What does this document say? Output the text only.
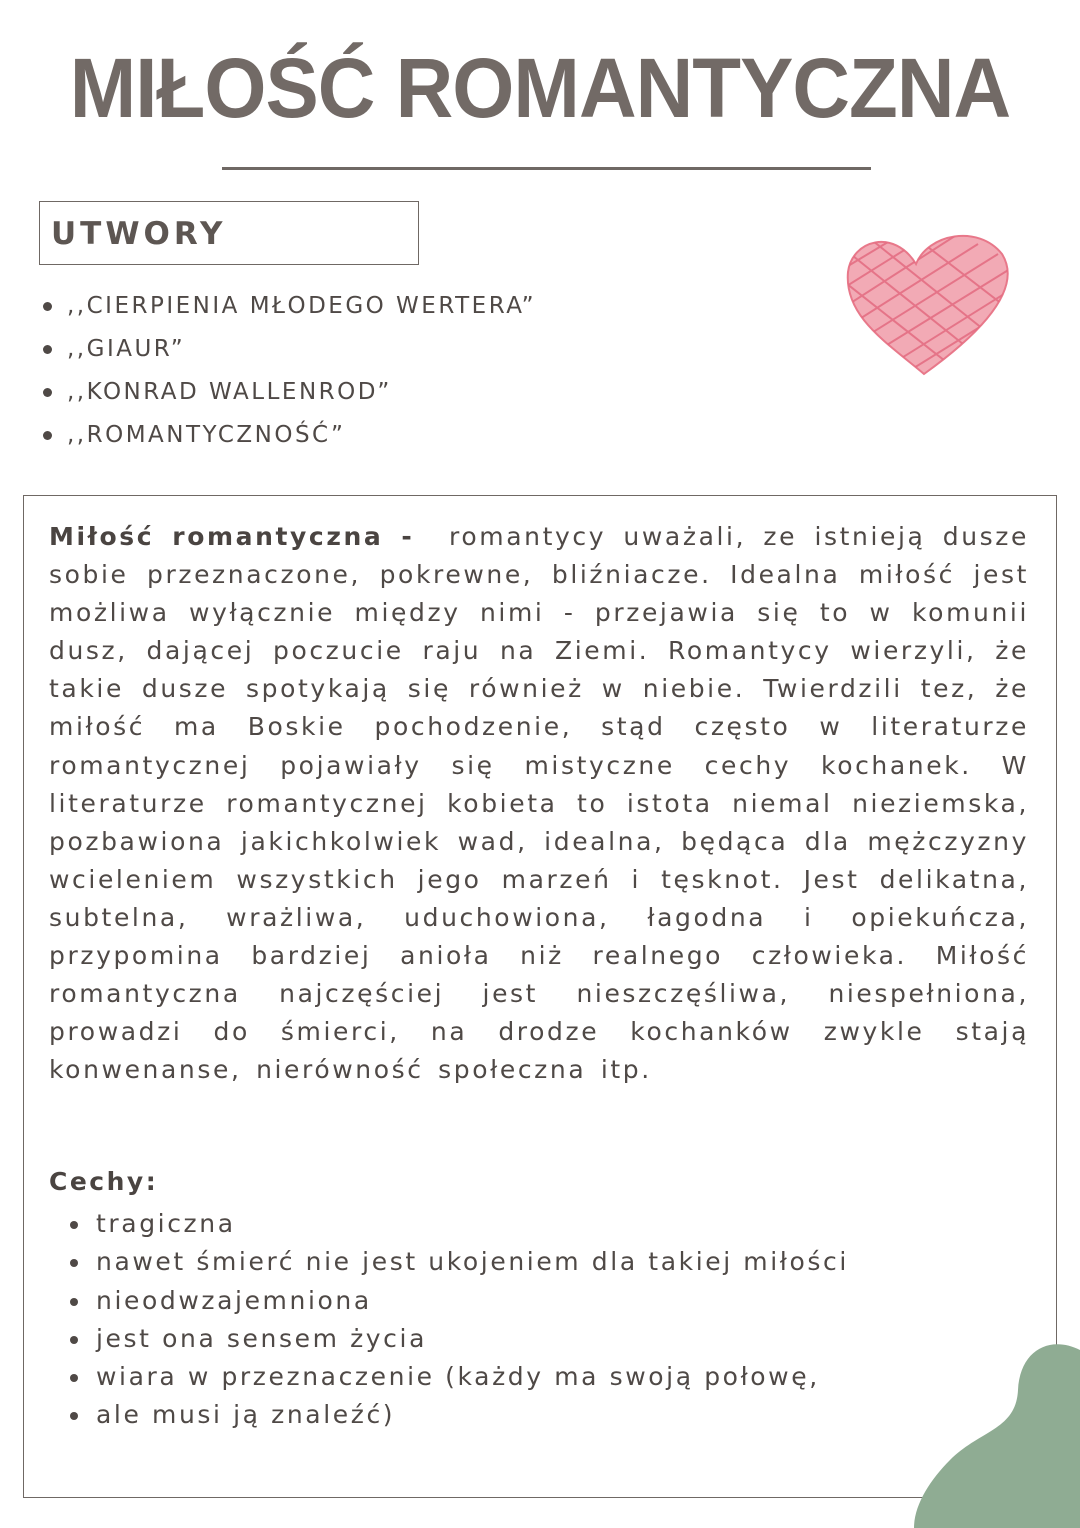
MIŁOŚĆ ROMANTYCZNA
UTWORY
,,CIERPIENIA MŁODEGO WERTERA”
,,GIAUR”
,,KONRAD WALLENROD”
,,ROMANTYCZNOŚĆ”

Miłość romantyczna - romantycy uważali, ze istnieją dusze sobie przeznaczone, pokrewne, bliźniacze. Idealna miłość jest możliwa wyłącznie między nimi - przejawia się to w komunii dusz, dającej poczucie raju na Ziemi. Romantycy wierzyli, że takie dusze spotykają się również w niebie. Twierdzili tez, że miłość ma Boskie pochodzenie, stąd często w literaturze romantycznej pojawiały się mistyczne cechy kochanek. W literaturze romantycznej kobieta to istota niemal nieziemska, pozbawiona jakichkolwiek wad, idealna, będąca dla mężczyzny wcieleniem wszystkich jego marzeń i tęsknot. Jest delikatna, subtelna, wrażliwa, uduchowiona, łagodna i opiekuńcza, przypomina bardziej anioła niż realnego człowieka. Miłość romantyczna najczęściej jest nieszczęśliwa, niespełniona, prowadzi do śmierci, na drodze kochanków zwykle stają konwenanse, nierówność społeczna itp.

Cechy:
tragiczna
nawet śmierć nie jest ukojeniem dla takiej miłości
nieodwzajemniona
jest ona sensem życia
wiara w przeznaczenie (każdy ma swoją połowę,
ale musi ją znaleźć)
